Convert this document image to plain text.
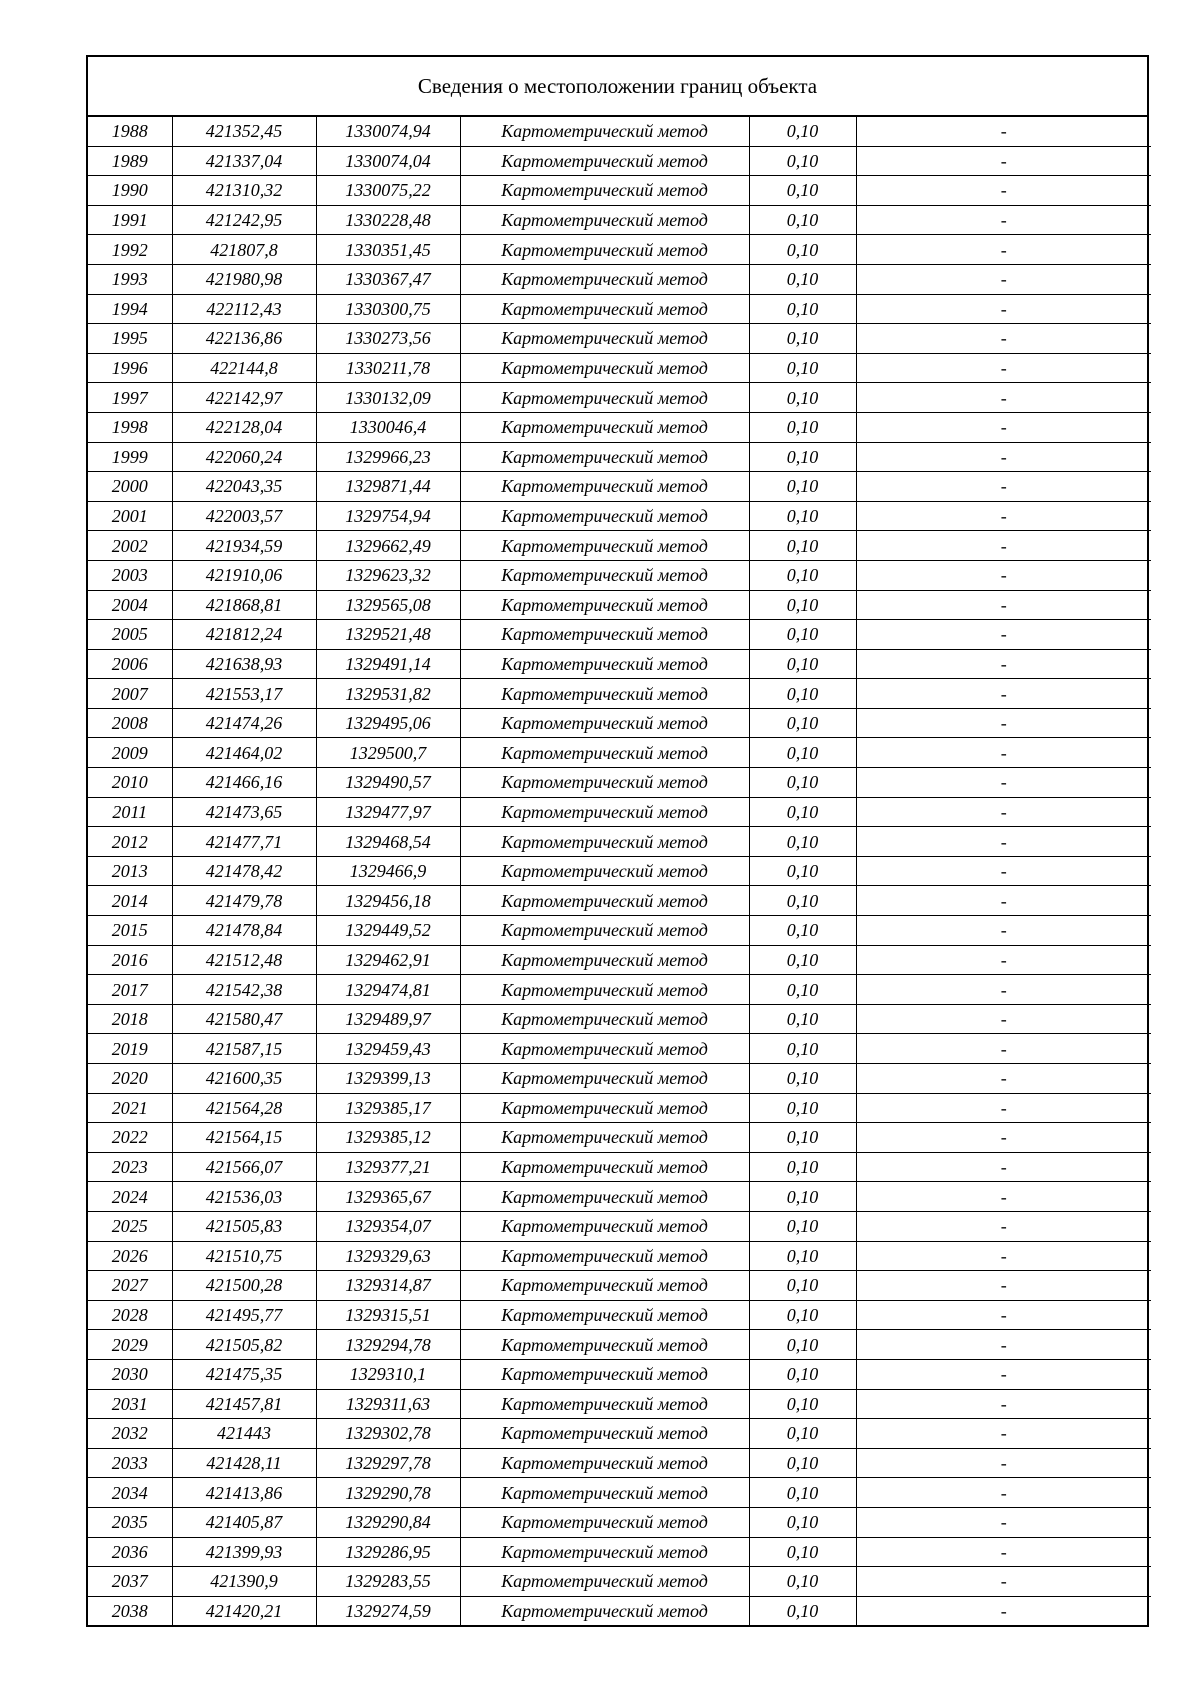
Сведения о местоположении границ объекта
1988	421352,45	1330074,94	Картометрический метод	0,10	-
1989	421337,04	1330074,04	Картометрический метод	0,10	-
1990	421310,32	1330075,22	Картометрический метод	0,10	-
1991	421242,95	1330228,48	Картометрический метод	0,10	-
1992	421807,8	1330351,45	Картометрический метод	0,10	-
1993	421980,98	1330367,47	Картометрический метод	0,10	-
1994	422112,43	1330300,75	Картометрический метод	0,10	-
1995	422136,86	1330273,56	Картометрический метод	0,10	-
1996	422144,8	1330211,78	Картометрический метод	0,10	-
1997	422142,97	1330132,09	Картометрический метод	0,10	-
1998	422128,04	1330046,4	Картометрический метод	0,10	-
1999	422060,24	1329966,23	Картометрический метод	0,10	-
2000	422043,35	1329871,44	Картометрический метод	0,10	-
2001	422003,57	1329754,94	Картометрический метод	0,10	-
2002	421934,59	1329662,49	Картометрический метод	0,10	-
2003	421910,06	1329623,32	Картометрический метод	0,10	-
2004	421868,81	1329565,08	Картометрический метод	0,10	-
2005	421812,24	1329521,48	Картометрический метод	0,10	-
2006	421638,93	1329491,14	Картометрический метод	0,10	-
2007	421553,17	1329531,82	Картометрический метод	0,10	-
2008	421474,26	1329495,06	Картометрический метод	0,10	-
2009	421464,02	1329500,7	Картометрический метод	0,10	-
2010	421466,16	1329490,57	Картометрический метод	0,10	-
2011	421473,65	1329477,97	Картометрический метод	0,10	-
2012	421477,71	1329468,54	Картометрический метод	0,10	-
2013	421478,42	1329466,9	Картометрический метод	0,10	-
2014	421479,78	1329456,18	Картометрический метод	0,10	-
2015	421478,84	1329449,52	Картометрический метод	0,10	-
2016	421512,48	1329462,91	Картометрический метод	0,10	-
2017	421542,38	1329474,81	Картометрический метод	0,10	-
2018	421580,47	1329489,97	Картометрический метод	0,10	-
2019	421587,15	1329459,43	Картометрический метод	0,10	-
2020	421600,35	1329399,13	Картометрический метод	0,10	-
2021	421564,28	1329385,17	Картометрический метод	0,10	-
2022	421564,15	1329385,12	Картометрический метод	0,10	-
2023	421566,07	1329377,21	Картометрический метод	0,10	-
2024	421536,03	1329365,67	Картометрический метод	0,10	-
2025	421505,83	1329354,07	Картометрический метод	0,10	-
2026	421510,75	1329329,63	Картометрический метод	0,10	-
2027	421500,28	1329314,87	Картометрический метод	0,10	-
2028	421495,77	1329315,51	Картометрический метод	0,10	-
2029	421505,82	1329294,78	Картометрический метод	0,10	-
2030	421475,35	1329310,1	Картометрический метод	0,10	-
2031	421457,81	1329311,63	Картометрический метод	0,10	-
2032	421443	1329302,78	Картометрический метод	0,10	-
2033	421428,11	1329297,78	Картометрический метод	0,10	-
2034	421413,86	1329290,78	Картометрический метод	0,10	-
2035	421405,87	1329290,84	Картометрический метод	0,10	-
2036	421399,93	1329286,95	Картометрический метод	0,10	-
2037	421390,9	1329283,55	Картометрический метод	0,10	-
2038	421420,21	1329274,59	Картометрический метод	0,10	-
